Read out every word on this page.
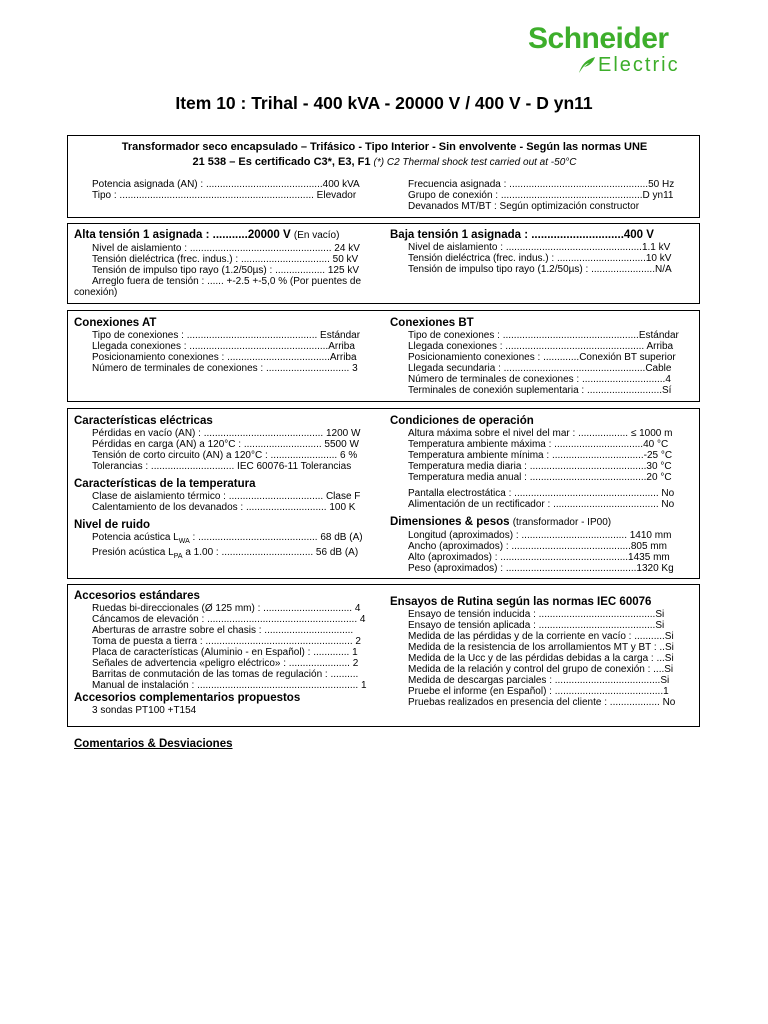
Schneider
Electric
Item 10 : Trihal - 400 kVA - 20000 V / 400 V - D yn11
Transformador seco encapsulado – Trifásico - Tipo Interior - Sin envolvente - Según las normas UNE
21 538 – Es certificado C3*, E3, F1 (*) C2 Thermal shock test carried out at -50°C
Potencia asignada (AN) : ..........................................400 kVA
Tipo : ...................................................................... Elevador
Frecuencia asignada : ..................................................50 Hz
Grupo de conexión : ...................................................D yn11
Devanados MT/BT : Según optimización constructor
Alta tensión 1 asignada : ...........20000 V (En vacío)
Nivel de aislamiento : ................................................... 24 kV
Tensión dieléctrica (frec. indus.) : ................................ 50 kV
Tensión de impulso tipo rayo (1.2/50µs) : .................. 125 kV
Arreglo fuera de tensión : ...... +-2.5 +-5,0 % (Por puentes de
conexión)
Baja tensión 1 asignada : .............................400 V
Nivel de aislamiento : .................................................1.1 kV
Tensión dieléctrica (frec. indus.) : ................................10 kV
Tensión de impulso tipo rayo (1.2/50µs) : .......................N/A
Conexiones AT
Tipo de conexiones : ............................................... Estándar
Llegada conexiones : ..................................................Arriba
Posicionamiento conexiones : .....................................Arriba
Número de terminales de conexiones : .............................. 3
Conexiones BT
Tipo de conexiones : .................................................Estándar
Llegada conexiones : .................................................. Arriba
Posicionamiento conexiones : .............Conexión BT superior
Llegada secundaria : ...................................................Cable
Número de terminales de conexiones : ..............................4
Terminales de conexión suplementaria : ...........................Sí
Características eléctricas
Pérdidas en vacío (AN) : ........................................... 1200 W
Pérdidas en carga (AN) a 120°C : ............................ 5500 W
Tensión de corto circuito (AN) a 120°C : ........................ 6 %
Tolerancias : .............................. IEC 60076-11 Tolerancias
Características de la temperatura
Clase de aislamiento térmico : .................................. Clase F
Calentamiento de los devanados : ............................. 100 K
Nivel de ruido
Potencia acústica $L_{WA}$ : ........................................... 68 dB (A)
Presión acústica $L_{PA}$ a 1.00 : ................................. 56 dB (A)
Condiciones de operación
Altura máxima sobre el nivel del mar : .................. ≤ 1000 m
Temperatura ambiente máxima : ................................40 °C
Temperatura ambiente mínima : .................................-25 °C
Temperatura media diaria : ..........................................30 °C
Temperatura media anual : ..........................................20 °C
Pantalla electrostática : .................................................... No
Alimentación de un rectificador : ...................................... No
Dimensiones & pesos (transformador - IP00)
Longitud (aproximados) : ...................................... 1410 mm
Ancho (aproximados) : ...........................................805 mm
Alto (aproximados) : ..............................................1435 mm
Peso (aproximados) : ...............................................1320 Kg
Accesorios estándares
Ruedas bi-direccionales (Ø 125 mm) : ................................ 4
Cáncamos de elevación : ...................................................... 4
Aberturas de arrastre sobre el chasis : ................................
Toma de puesta a tierra : ..................................................... 2
Placa de características (Aluminio - en Español) : ............. 1
Señales de advertencia «peligro eléctrico» : ...................... 2
Barritas de conmutación de las tomas de regulación : ..........
Manual de instalación : .......................................................... 1
Accesorios complementarios propuestos
3 sondas PT100 +T154
Ensayos de Rutina según las normas IEC 60076
Ensayo de tensión inducida : ..........................................Si
Ensayo de tensión aplicada : ..........................................Si
Medida de las pérdidas y de la corriente en vacío : ...........Si
Medida de la resistencia de los arrollamientos MT y BT : ..Si
Medida de la Ucc y de las pérdidas debidas a la carga : ...Si
Medida de la relación y control del grupo de conexión : ....Si
Medida de descargas parciales : ......................................Si
Pruebe el informe (en Español) : .......................................1
Pruebas realizados en presencia del cliente : .................. No
Comentarios & Desviaciones
